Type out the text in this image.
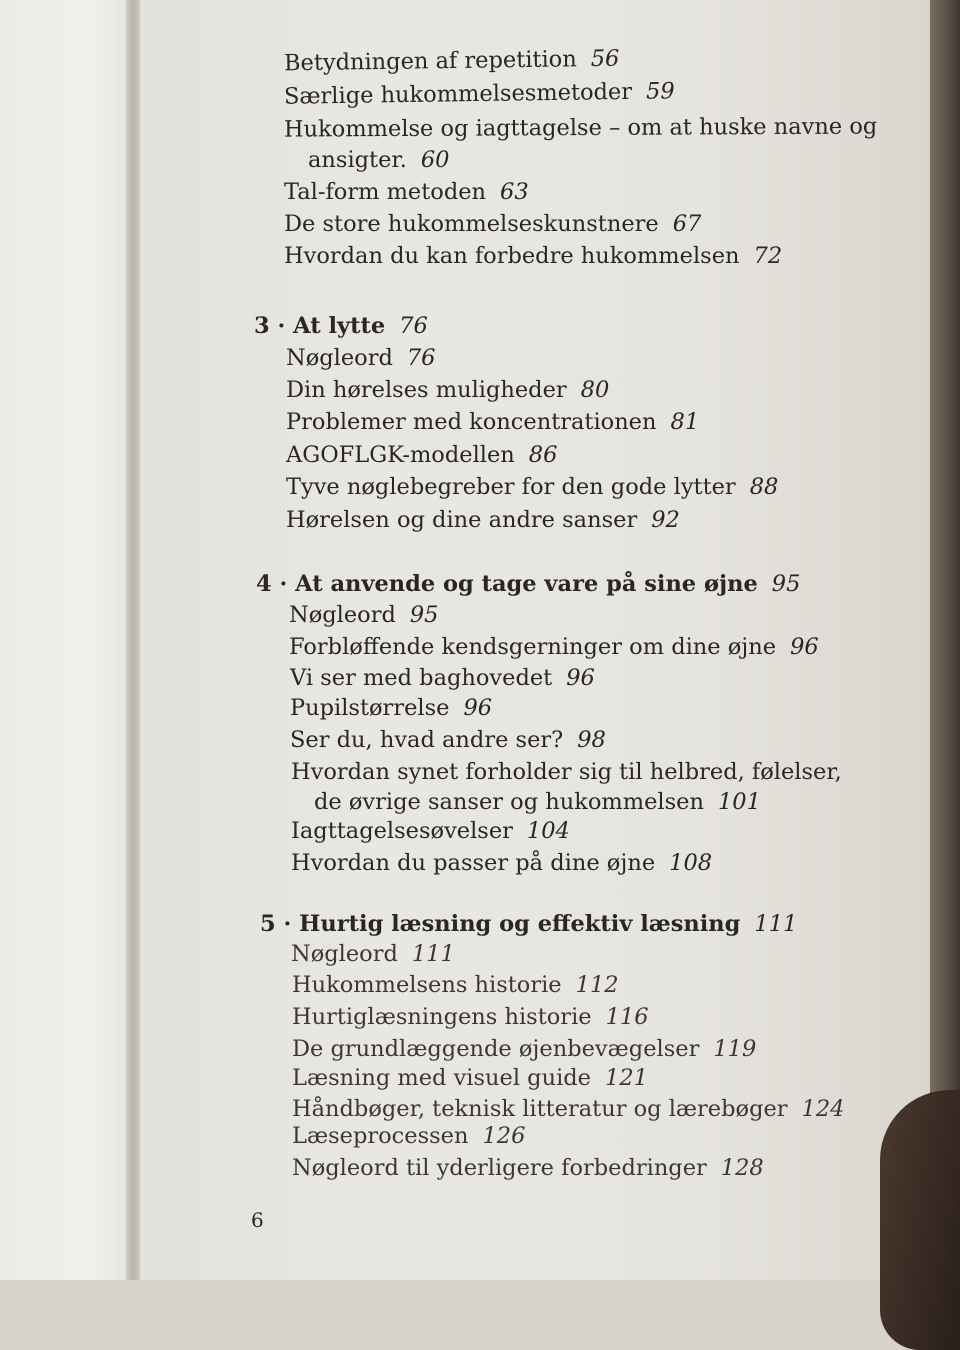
Betydningen af repetition 56
Særlige hukommelsesmetoder 59
Hukommelse og iagttagelse – om at huske navne og
ansigter. 60
Tal-form metoden 63
De store hukommelseskunstnere 67
Hvordan du kan forbedre hukommelsen 72
3 · At lytte 76
Nøgleord 76
Din hørelses muligheder 80
Problemer med koncentrationen 81
AGOFLGK-modellen 86
Tyve nøglebegreber for den gode lytter 88
Hørelsen og dine andre sanser 92
4 · At anvende og tage vare på sine øjne 95
Nøgleord 95
Forbløffende kendsgerninger om dine øjne 96
Vi ser med baghovedet 96
Pupilstørrelse 96
Ser du, hvad andre ser? 98
Hvordan synet forholder sig til helbred, følelser,
de øvrige sanser og hukommelsen 101
Iagttagelsesøvelser 104
Hvordan du passer på dine øjne 108
5 · Hurtig læsning og effektiv læsning 111
Nøgleord 111
Hukommelsens historie 112
Hurtiglæsningens historie 116
De grundlæggende øjenbevægelser 119
Læsning med visuel guide 121
Håndbøger, teknisk litteratur og lærebøger 124
Læseprocessen 126
Nøgleord til yderligere forbedringer 128
6
